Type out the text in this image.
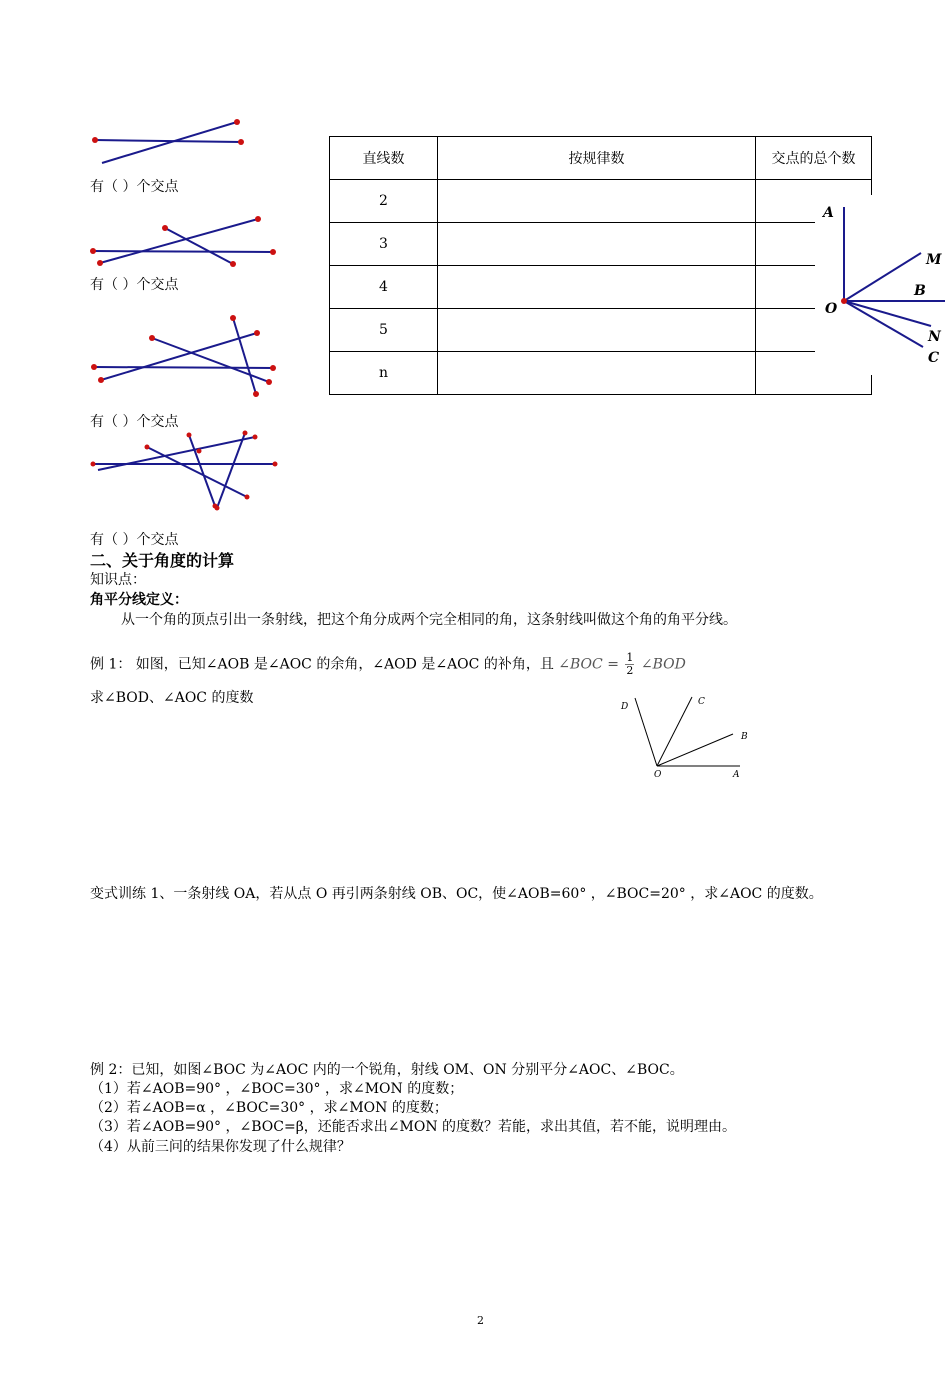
有（ ）个交点
有（ ）个交点
有（ ）个交点
有（ ）个交点
直线数	按规律数	交点的总个数
2		
3		
4		
5		
n		
A
M
B
O
N
C
二、关于角度的计算
知识点：
角平分线定义：
从一个角的顶点引出一条射线，把这个角分成两个完全相同的角，这条射线叫做这个角的角平分线。
例 1： 如图，已知∠AOB 是∠AOC 的余角，∠AOD 是∠AOC 的补角，且 ∠BOC = $\frac{1}{2}$ ∠BOD
求∠BOD、∠AOC 的度数
D	C
B
O	A
变式训练 1、一条射线 OA，若从点 O 再引两条射线 OB、OC，使∠AOB=60° ，∠BOC=20° ，求∠AOC 的度数。
例 2：已知，如图∠BOC 为∠AOC 内的一个锐角，射线 OM、ON 分别平分∠AOC、∠BOC。
（1）若∠AOB=90° ，∠BOC=30° ，求∠MON 的度数；
（2）若∠AOB=α ，∠BOC=30° ，求∠MON 的度数；
（3）若∠AOB=90° ，∠BOC=β，还能否求出∠MON 的度数？若能，求出其值，若不能，说明理由。
（4）从前三问的结果你发现了什么规律？
2
